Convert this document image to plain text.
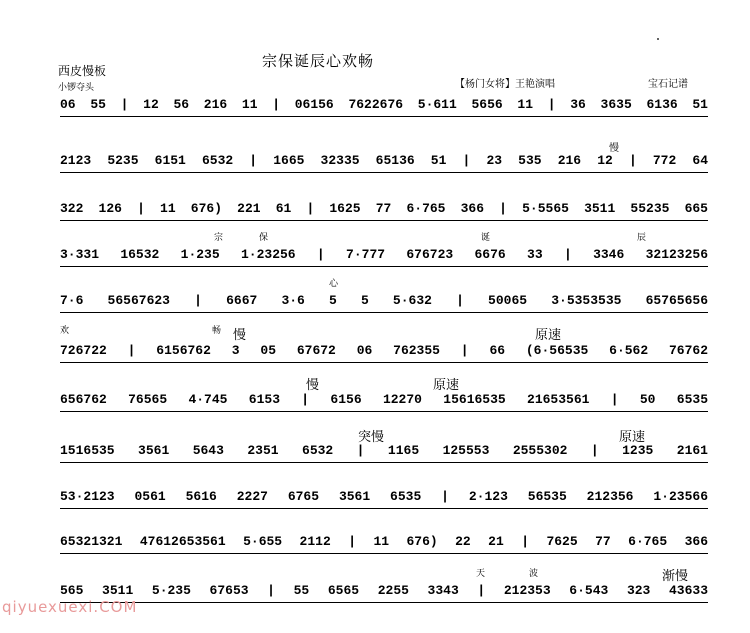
宗保诞辰心欢畅
西皮慢板
小锣夺头	【杨门女将】王艳演唱	宝石记谱
06 55 | 12 56 216 11 | 06156 7622676 5·611 5656 11 | 36 3635 6136 51
2123 5235 6151 6532 | 1665 32335 65136 51 | 23 535 216 12 | 772 64
322 126 | 11 676) 221 61 | 1625 77 6·765 366 | 5·5565 3511 55235 665
3·331 16532 1·235 1·23256 | 7·777 676723 6676 33 | 3346 32123256
7·6 56567623 | 6667 3·6 5 5 5·632 | 50065 3·5353535 65765656
726722 | 6156762 3 05 67672 06 762355 | 66 (6·56535 6·562 76762
656762 76565 4·745 6153 | 6156 12270 15616535 21653561 | 50 6535
1516535 3561 5643 2351 6532 | 1165 125553 2555302 | 1235 2161
53·2123 0561 5616 2227 6765 3561 6535 | 2·123 56535 212356 1·23566
65321321 47612653561 5·655 2112 | 11 676) 22 21 | 7625 77 6·765 366
565 3511 5·235 67653 | 55 6565 2255 3343 | 212353 6·543 323 43633
宗	保	诞	辰
心
欢	畅
天	波
慢
慢	原速
慢	原速
突慢	原速
渐慢
qiyuexuexi.COM
